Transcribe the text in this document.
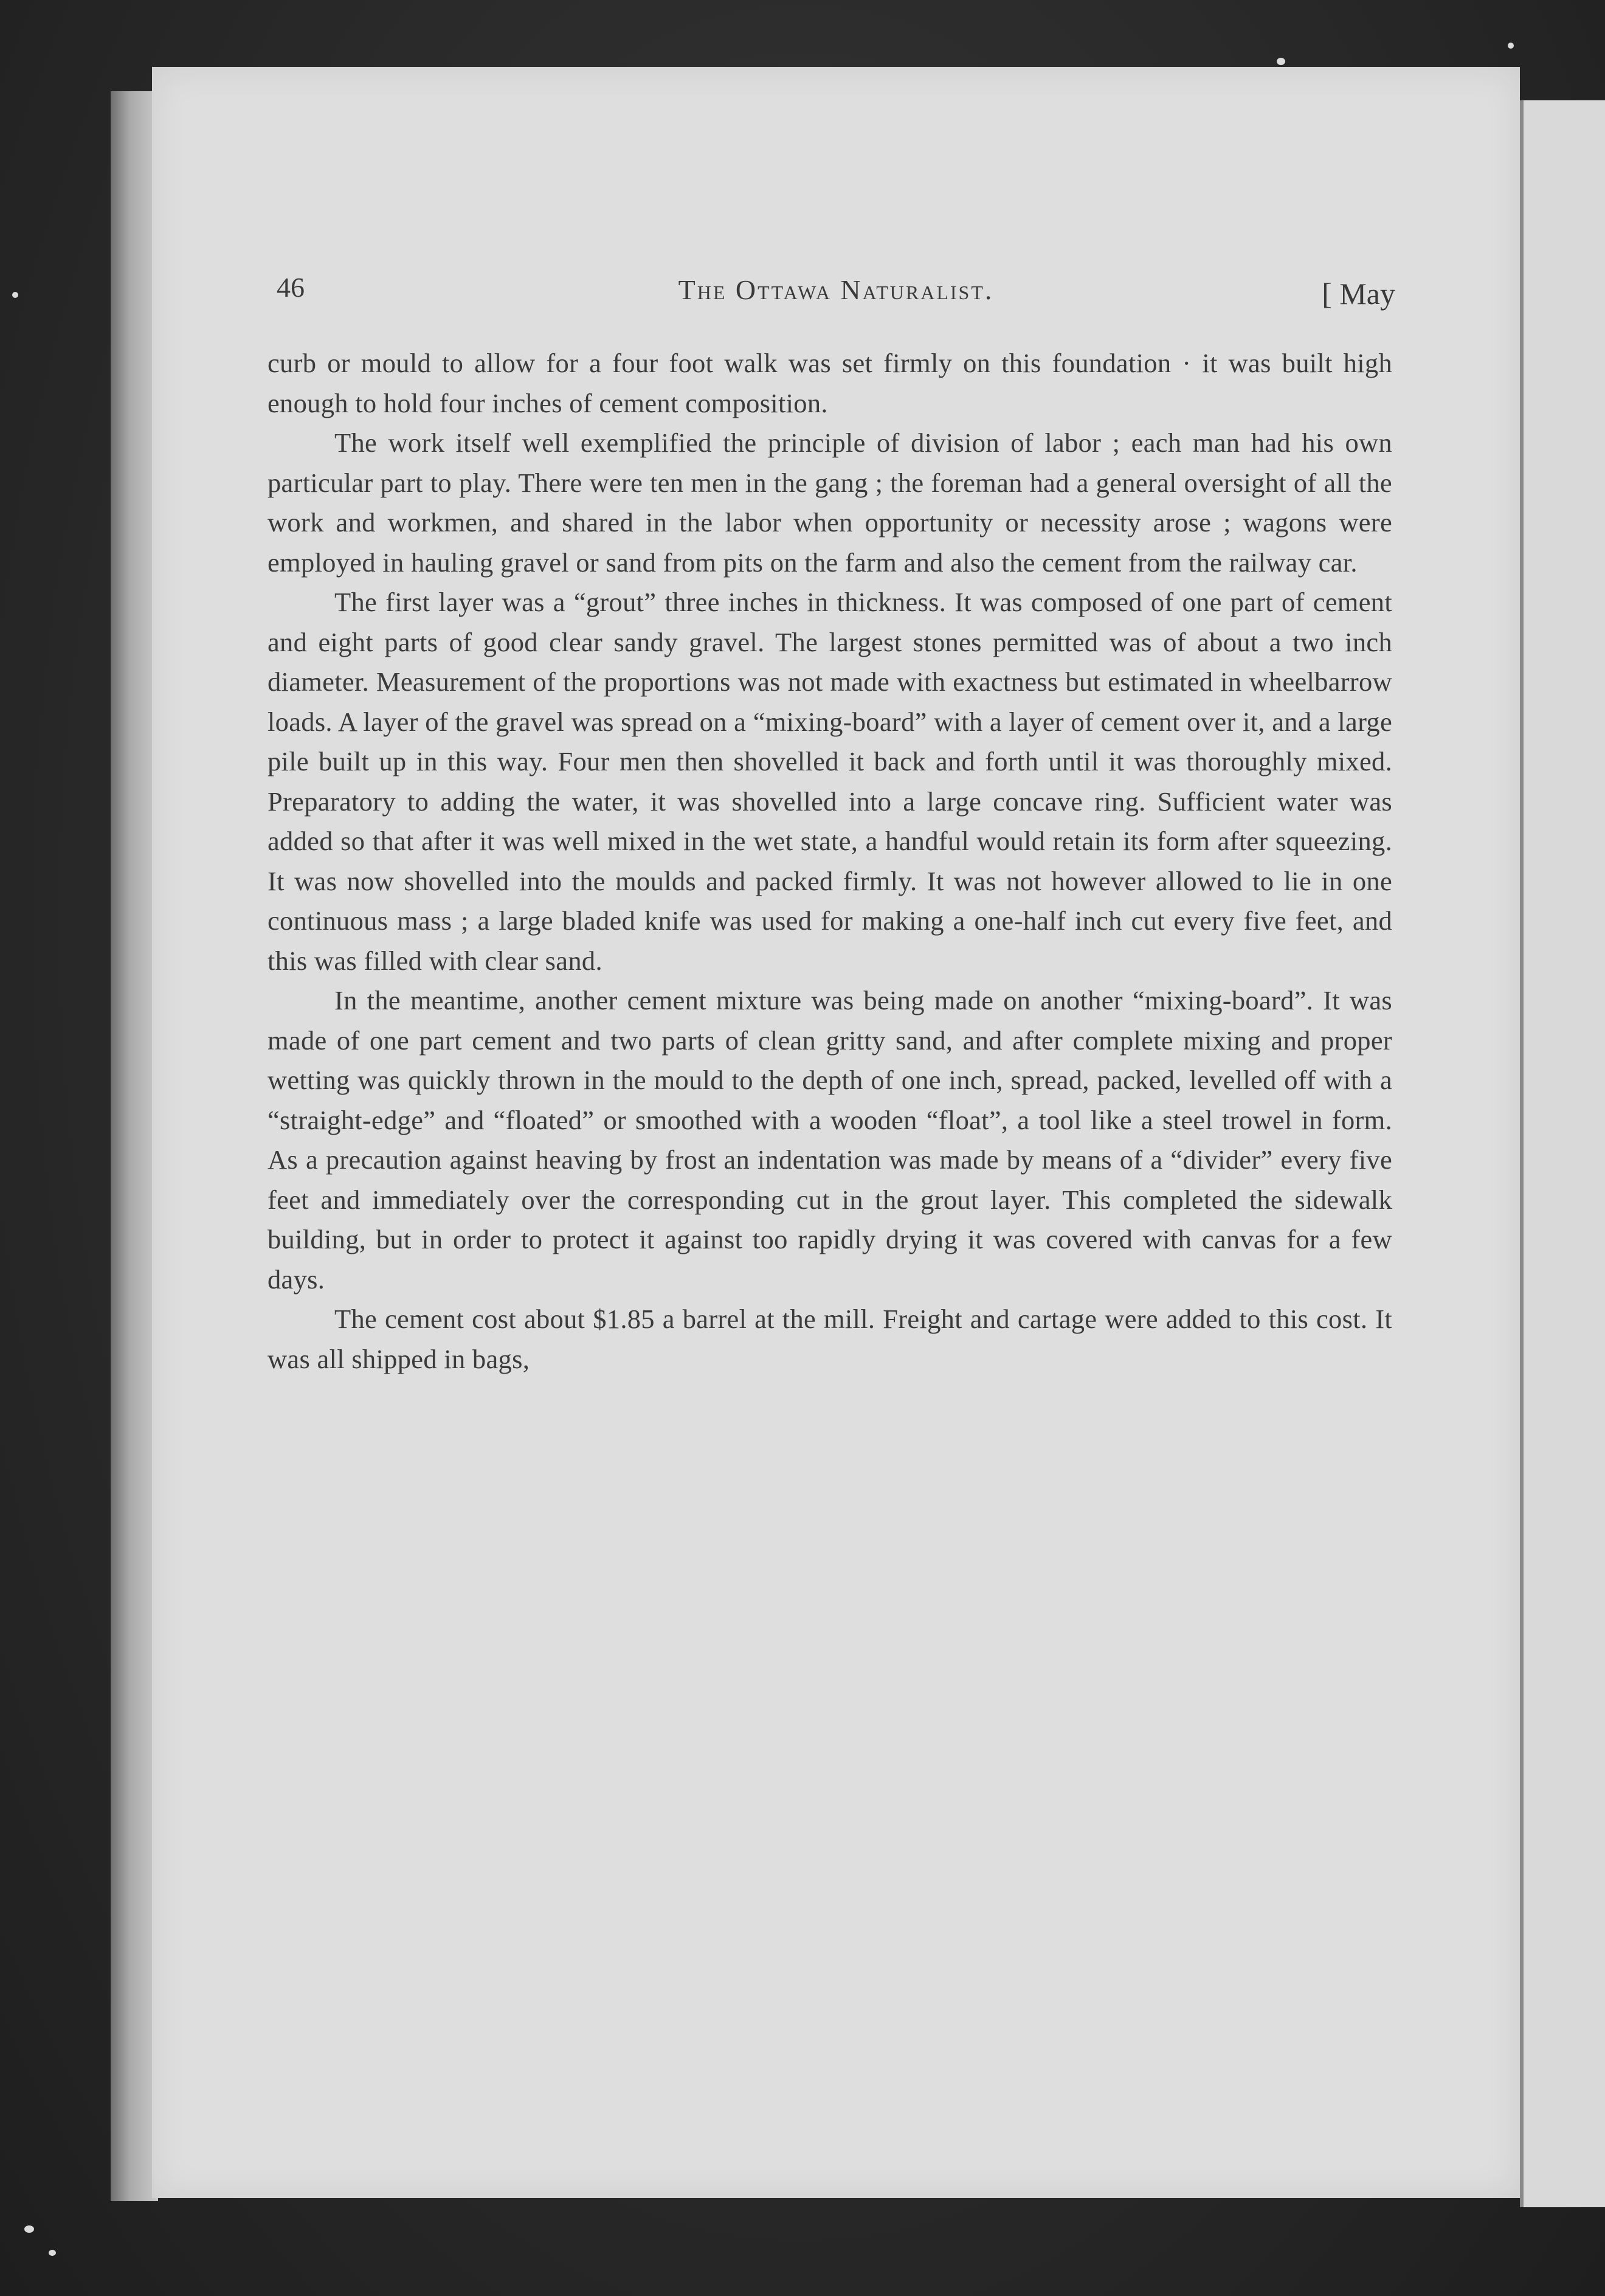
46	The Ottawa Naturalist.	[ May

curb or mould to allow for a four foot walk was set firmly on this foundation · it was built high enough to hold four inches of cement composition.

The work itself well exemplified the principle of division of labor ; each man had his own particular part to play. There were ten men in the gang ; the foreman had a general oversight of all the work and workmen, and shared in the labor when opportunity or necessity arose ; wagons were employed in hauling gravel or sand from pits on the farm and also the cement from the railway car.

The first layer was a “grout” three inches in thickness. It was composed of one part of cement and eight parts of good clear sandy gravel. The largest stones permitted was of about a two inch diameter. Measurement of the proportions was not made with exactness but estimated in wheelbarrow loads. A layer of the gravel was spread on a “mixing-board” with a layer of cement over it, and a large pile built up in this way. Four men then shovelled it back and forth until it was thoroughly mixed. Preparatory to adding the water, it was shovelled into a large concave ring. Sufficient water was added so that after it was well mixed in the wet state, a handful would retain its form after squeezing. It was now shovelled into the moulds and packed firmly. It was not however allowed to lie in one continuous mass ; a large bladed knife was used for making a one-half inch cut every five feet, and this was filled with clear sand.

In the meantime, another cement mixture was being made on another “mixing-board”. It was made of one part cement and two parts of clean gritty sand, and after complete mixing and proper wetting was quickly thrown in the mould to the depth of one inch, spread, packed, levelled off with a “straight-edge” and “floated” or smoothed with a wooden “float”, a tool like a steel trowel in form. As a precaution against heaving by frost an indentation was made by means of a “divider” every five feet and immediately over the corresponding cut in the grout layer. This completed the sidewalk building, but in order to protect it against too rapidly drying it was covered with canvas for a few days.

The cement cost about $1.85 a barrel at the mill. Freight and cartage were added to this cost. It was all shipped in bags,
